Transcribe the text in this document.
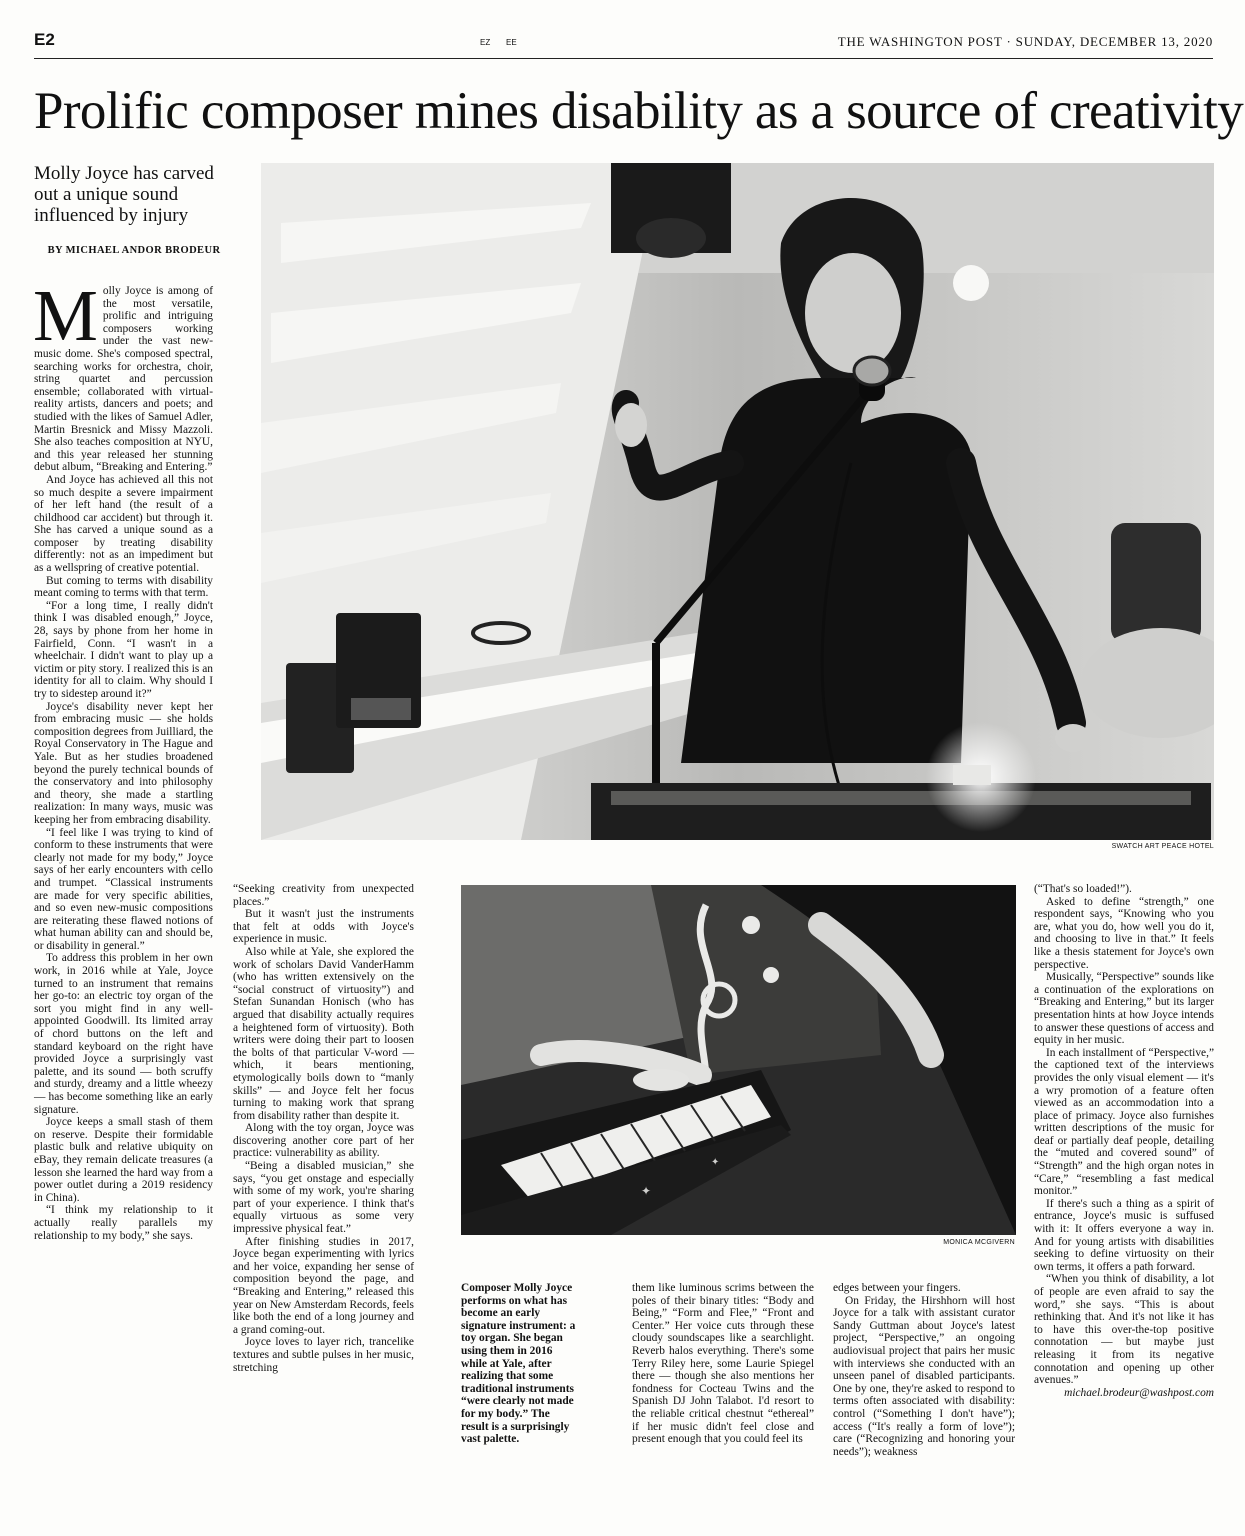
E2	EZ EE	THE WASHINGTON POST · SUNDAY, DECEMBER 13, 2020
Prolific composer mines disability as a source of creativity
Molly Joyce has carved out a unique sound influenced by injury
BY MICHAEL ANDOR BRODEUR
SWATCH ART PEACE HOTEL
✦
✦
MONICA MCGIVERN
Composer Molly Joyce performs on what has become an early signature instrument: a toy organ. She began using them in 2016 while at Yale, after realizing that some traditional instruments “were clearly not made for my body.” The result is a surprisingly vast palette.

Molly Joyce is among of the most versatile, prolific and intriguing composers working under the vast new-music dome. She's composed spectral, searching works for orchestra, choir, string quartet and percussion ensemble; collaborated with virtual-reality artists, dancers and poets; and studied with the likes of Samuel Adler, Martin Bresnick and Missy Mazzoli. She also teaches composition at NYU, and this year released her stunning debut album, “Breaking and Entering.”

And Joyce has achieved all this not so much despite a severe impairment of her left hand (the result of a childhood car accident) but through it. She has carved a unique sound as a composer by treating disability differently: not as an impediment but as a wellspring of creative potential.

But coming to terms with disability meant coming to terms with that term.

“For a long time, I really didn't think I was disabled enough,” Joyce, 28, says by phone from her home in Fairfield, Conn. “I wasn't in a wheelchair. I didn't want to play up a victim or pity story. I realized this is an identity for all to claim. Why should I try to sidestep around it?”

Joyce's disability never kept her from embracing music — she holds composition degrees from Juilliard, the Royal Conservatory in The Hague and Yale. But as her studies broadened beyond the purely technical bounds of the conservatory and into philosophy and theory, she made a startling realization: In many ways, music was keeping her from embracing disability.

“I feel like I was trying to kind of conform to these instruments that were clearly not made for my body,” Joyce says of her early encounters with cello and trumpet. “Classical instruments are made for very specific abilities, and so even new-music compositions are reiterating these flawed notions of what human ability can and should be, or disability in general.”

To address this problem in her own work, in 2016 while at Yale, Joyce turned to an instrument that remains her go-to: an electric toy organ of the sort you might find in any well-appointed Goodwill. Its limited array of chord buttons on the left and standard keyboard on the right have provided Joyce a surprisingly vast palette, and its sound — both scruffy and sturdy, dreamy and a little wheezy — has become something like an early signature.

Joyce keeps a small stash of them on reserve. Despite their formidable plastic bulk and relative ubiquity on eBay, they remain delicate treasures (a lesson she learned the hard way from a power outlet during a 2019 residency in China).

“I think my relationship to it actually really parallels my relationship to my body,” she says.

“Seeking creativity from unexpected places.”

But it wasn't just the instruments that felt at odds with Joyce's experience in music.

Also while at Yale, she explored the work of scholars David VanderHamm (who has written extensively on the “social construct of virtuosity”) and Stefan Sunandan Honisch (who has argued that disability actually requires a heightened form of virtuosity). Both writers were doing their part to loosen the bolts of that particular V-word — which, it bears mentioning, etymologically boils down to “manly skills” — and Joyce felt her focus turning to making work that sprang from disability rather than despite it.

Along with the toy organ, Joyce was discovering another core part of her practice: vulnerability as ability.

“Being a disabled musician,” she says, “you get onstage and especially with some of my work, you're sharing part of your experience. I think that's equally virtuous as some very impressive physical feat.”

After finishing studies in 2017, Joyce began experimenting with lyrics and her voice, expanding her sense of composition beyond the page, and “Breaking and Entering,” released this year on New Amsterdam Records, feels like both the end of a long journey and a grand coming-out.

Joyce loves to layer rich, trancelike textures and subtle pulses in her music, stretching

them like luminous scrims between the poles of their binary titles: “Body and Being,” “Form and Flee,” “Front and Center.” Her voice cuts through these cloudy soundscapes like a searchlight. Reverb halos everything. There's some Terry Riley here, some Laurie Spiegel there — though she also mentions her fondness for Cocteau Twins and the Spanish DJ John Talabot. I'd resort to the reliable critical chestnut “ethereal” if her music didn't feel close and present enough that you could feel its

edges between your fingers.

On Friday, the Hirshhorn will host Joyce for a talk with assistant curator Sandy Guttman about Joyce's latest project, “Perspective,” an ongoing audiovisual project that pairs her music with interviews she conducted with an unseen panel of disabled participants. One by one, they're asked to respond to terms often associated with disability: control (“Something I don't have”); access (“It's really a form of love”); care (“Recognizing and honoring your needs”); weakness

(“That's so loaded!”).

Asked to define “strength,” one respondent says, “Knowing who you are, what you do, how well you do it, and choosing to live in that.” It feels like a thesis statement for Joyce's own perspective.

Musically, “Perspective” sounds like a continuation of the explorations on “Breaking and Entering,” but its larger presentation hints at how Joyce intends to answer these questions of access and equity in her music.

In each installment of “Perspective,” the captioned text of the interviews provides the only visual element — it's a wry promotion of a feature often viewed as an accommodation into a place of primacy. Joyce also furnishes written descriptions of the music for deaf or partially deaf people, detailing the “muted and covered sound” of “Strength” and the high organ notes in “Care,” “resembling a fast medical monitor.”

If there's such a thing as a spirit of entrance, Joyce's music is suffused with it: It offers everyone a way in. And for young artists with disabilities seeking to define virtuosity on their own terms, it offers a path forward.

“When you think of disability, a lot of people are even afraid to say the word,” she says. “This is about rethinking that. And it's not like it has to have this over-the-top positive connotation — but maybe just releasing it from its negative connotation and opening up other avenues.”

michael.brodeur@washpost.com
